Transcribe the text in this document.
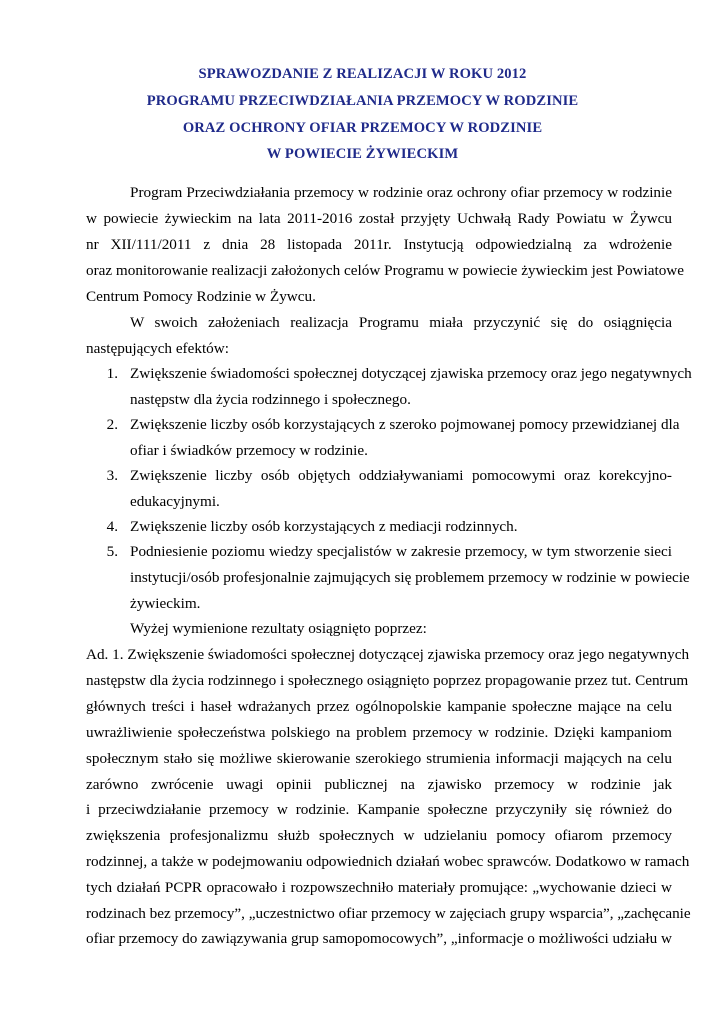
SPRAWOZDANIE Z REALIZACJI W ROKU 2012
PROGRAMU PRZECIWDZIAŁANIA PRZEMOCY W RODZINIE
ORAZ OCHRONY OFIAR PRZEMOCY W RODZINIE
W POWIECIE ŻYWIECKIM
Program Przeciwdziałania przemocy w rodzinie oraz ochrony ofiar przemocy w rodzinie
w powiecie żywieckim na lata 2011-2016 został przyjęty Uchwałą Rady Powiatu w Żywcu
nr XII/111/2011 z dnia 28 listopada 2011r. Instytucją odpowiedzialną za wdrożenie
oraz monitorowanie realizacji założonych celów Programu w powiecie żywieckim jest Powiatowe
Centrum Pomocy Rodzinie w Żywcu.
W swoich założeniach realizacja Programu miała przyczynić się do osiągnięcia
następujących efektów:
1. Zwiększenie świadomości społecznej dotyczącej zjawiska przemocy oraz jego negatywnych
następstw dla życia rodzinnego i społecznego.
2. Zwiększenie liczby osób korzystających z szeroko pojmowanej pomocy przewidzianej dla
ofiar i świadków przemocy w rodzinie.
3. Zwiększenie liczby osób objętych oddziaływaniami pomocowymi oraz korekcyjno-
edukacyjnymi.
4. Zwiększenie liczby osób korzystających z mediacji rodzinnych.
5. Podniesienie poziomu wiedzy specjalistów w zakresie przemocy, w tym stworzenie sieci
instytucji/osób profesjonalnie zajmujących się problemem przemocy w rodzinie w powiecie
żywieckim.
Wyżej wymienione rezultaty osiągnięto poprzez:
Ad. 1. Zwiększenie świadomości społecznej dotyczącej zjawiska przemocy oraz jego negatywnych
następstw dla życia rodzinnego i społecznego osiągnięto poprzez propagowanie przez tut. Centrum
głównych treści i haseł wdrażanych przez ogólnopolskie kampanie społeczne mające na celu
uwrażliwienie społeczeństwa polskiego na problem przemocy w rodzinie. Dzięki kampaniom
społecznym stało się możliwe skierowanie szerokiego strumienia informacji mających na celu
zarówno zwrócenie uwagi opinii publicznej na zjawisko przemocy w rodzinie jak
i przeciwdziałanie przemocy w rodzinie. Kampanie społeczne przyczyniły się również do
zwiększenia profesjonalizmu służb społecznych w udzielaniu pomocy ofiarom przemocy
rodzinnej, a także w podejmowaniu odpowiednich działań wobec sprawców. Dodatkowo w ramach
tych działań PCPR opracowało i rozpowszechniło materiały promujące: „wychowanie dzieci w
rodzinach bez przemocy”, „uczestnictwo ofiar przemocy w zajęciach grupy wsparcia”, „zachęcanie
ofiar przemocy do zawiązywania grup samopomocowych”, „informacje o możliwości udziału w
